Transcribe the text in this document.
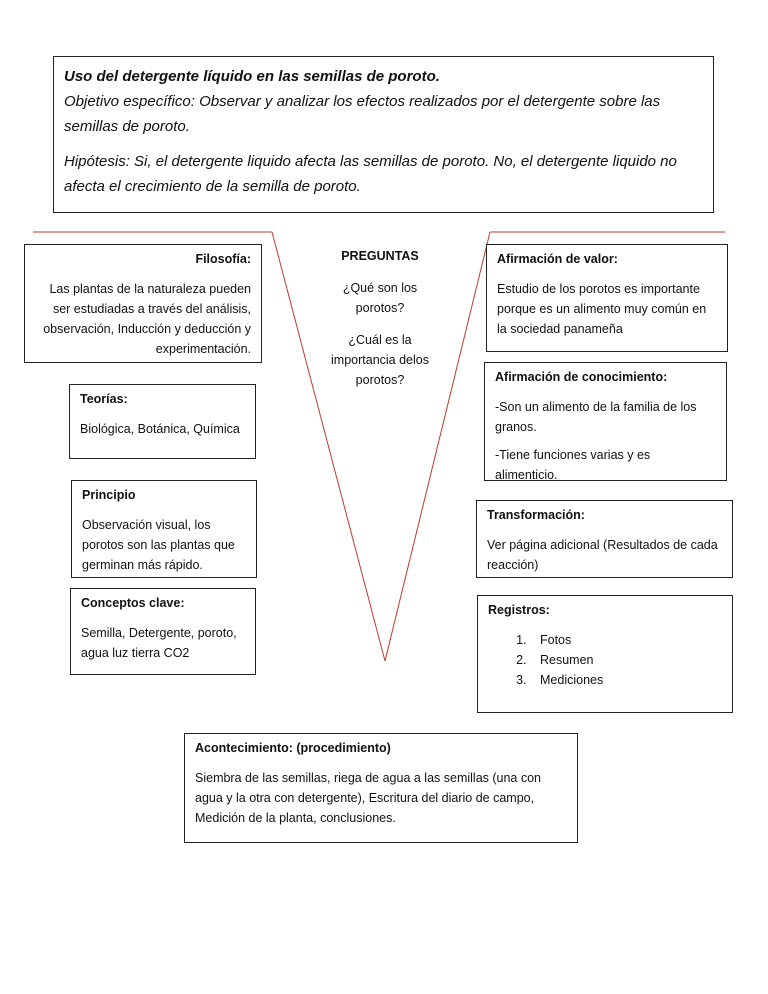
Uso del detergente líquido en las semillas de poroto.

Objetivo específico: Observar y analizar los efectos realizados por el detergente sobre las semillas de poroto.

Hipótesis: Si, el detergente liquido afecta las semillas de poroto. No, el detergente liquido no afecta el crecimiento de la semilla de poroto.

Filosofía:
Las plantas de la naturaleza pueden ser estudiadas a través del análisis, observación, Inducción y deducción y experimentación.
Teorías:
Biológica, Botánica, Química
Principio
Observación visual, los porotos son las plantas que germinan más rápido.
Conceptos clave:
Semilla, Detergente, poroto, agua luz tierra CO2
PREGUNTAS

¿Qué son los porotos?

¿Cuál es la importancia delos porotos?

Afirmación de valor:
Estudio de los porotos es importante porque es un alimento muy común en la sociedad panameña
Afirmación de conocimiento:

-Son un alimento de la familia de los granos.

-Tiene funciones varias y es alimenticio.

Transformación:
Ver página adicional (Resultados de cada reacción)
Registros:
1. Fotos
2. Resumen
3. Mediciones
Acontecimiento: (procedimiento)
Siembra de las semillas, riega de agua a las semillas (una con agua y la otra con detergente), Escritura del diario de campo, Medición de la planta, conclusiones.
